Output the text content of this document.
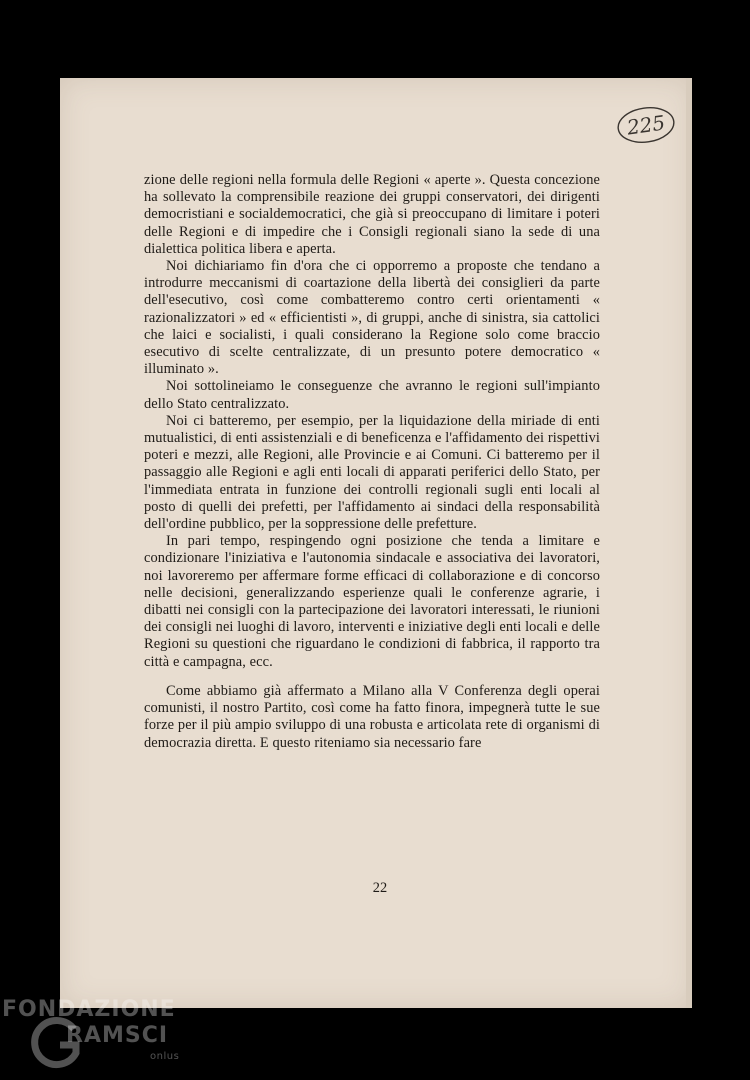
225

zione delle regioni nella formula delle Regioni « aperte ». Questa concezione ha sollevato la comprensibile reazione dei gruppi conservatori, dei dirigenti democristiani e socialdemocratici, che già si preoccupano di limitare i poteri delle Regioni e di impedire che i Consigli regionali siano la sede di una dialettica politica libera e aperta.

Noi dichiariamo fin d'ora che ci opporremo a proposte che tendano a introdurre meccanismi di coartazione della libertà dei consiglieri da parte dell'esecutivo, così come combatteremo contro certi orientamenti « razionalizzatori » ed « efficientisti », di gruppi, anche di sinistra, sia cattolici che laici e socialisti, i quali considerano la Regione solo come braccio esecutivo di scelte centralizzate, di un presunto potere democratico « illuminato ».

Noi sottolineiamo le conseguenze che avranno le regioni sull'impianto dello Stato centralizzato.

Noi ci batteremo, per esempio, per la liquidazione della miriade di enti mutualistici, di enti assistenziali e di beneficenza e l'affidamento dei rispettivi poteri e mezzi, alle Regioni, alle Provincie e ai Comuni. Ci batteremo per il passaggio alle Regioni e agli enti locali di apparati periferici dello Stato, per l'immediata entrata in funzione dei controlli regionali sugli enti locali al posto di quelli dei prefetti, per l'affidamento ai sindaci della responsabilità dell'ordine pubblico, per la soppressione delle prefetture.

In pari tempo, respingendo ogni posizione che tenda a limitare e condizionare l'iniziativa e l'autonomia sindacale e associativa dei lavoratori, noi lavoreremo per affermare forme efficaci di collaborazione e di concorso nelle decisioni, generalizzando esperienze quali le conferenze agrarie, i dibatti nei consigli con la partecipazione dei lavoratori interessati, le riunioni dei consigli nei luoghi di lavoro, interventi e iniziative degli enti locali e delle Regioni su questioni che riguardano le condizioni di fabbrica, il rapporto tra città e campagna, ecc.

Come abbiamo già affermato a Milano alla V Conferenza degli operai comunisti, il nostro Partito, così come ha fatto finora, impegnerà tutte le sue forze per il più ampio sviluppo di una robusta e articolata rete di organismi di democrazia diretta. E questo riteniamo sia necessario fare

22
FONDAZIONE
RAMSCI
onlus
